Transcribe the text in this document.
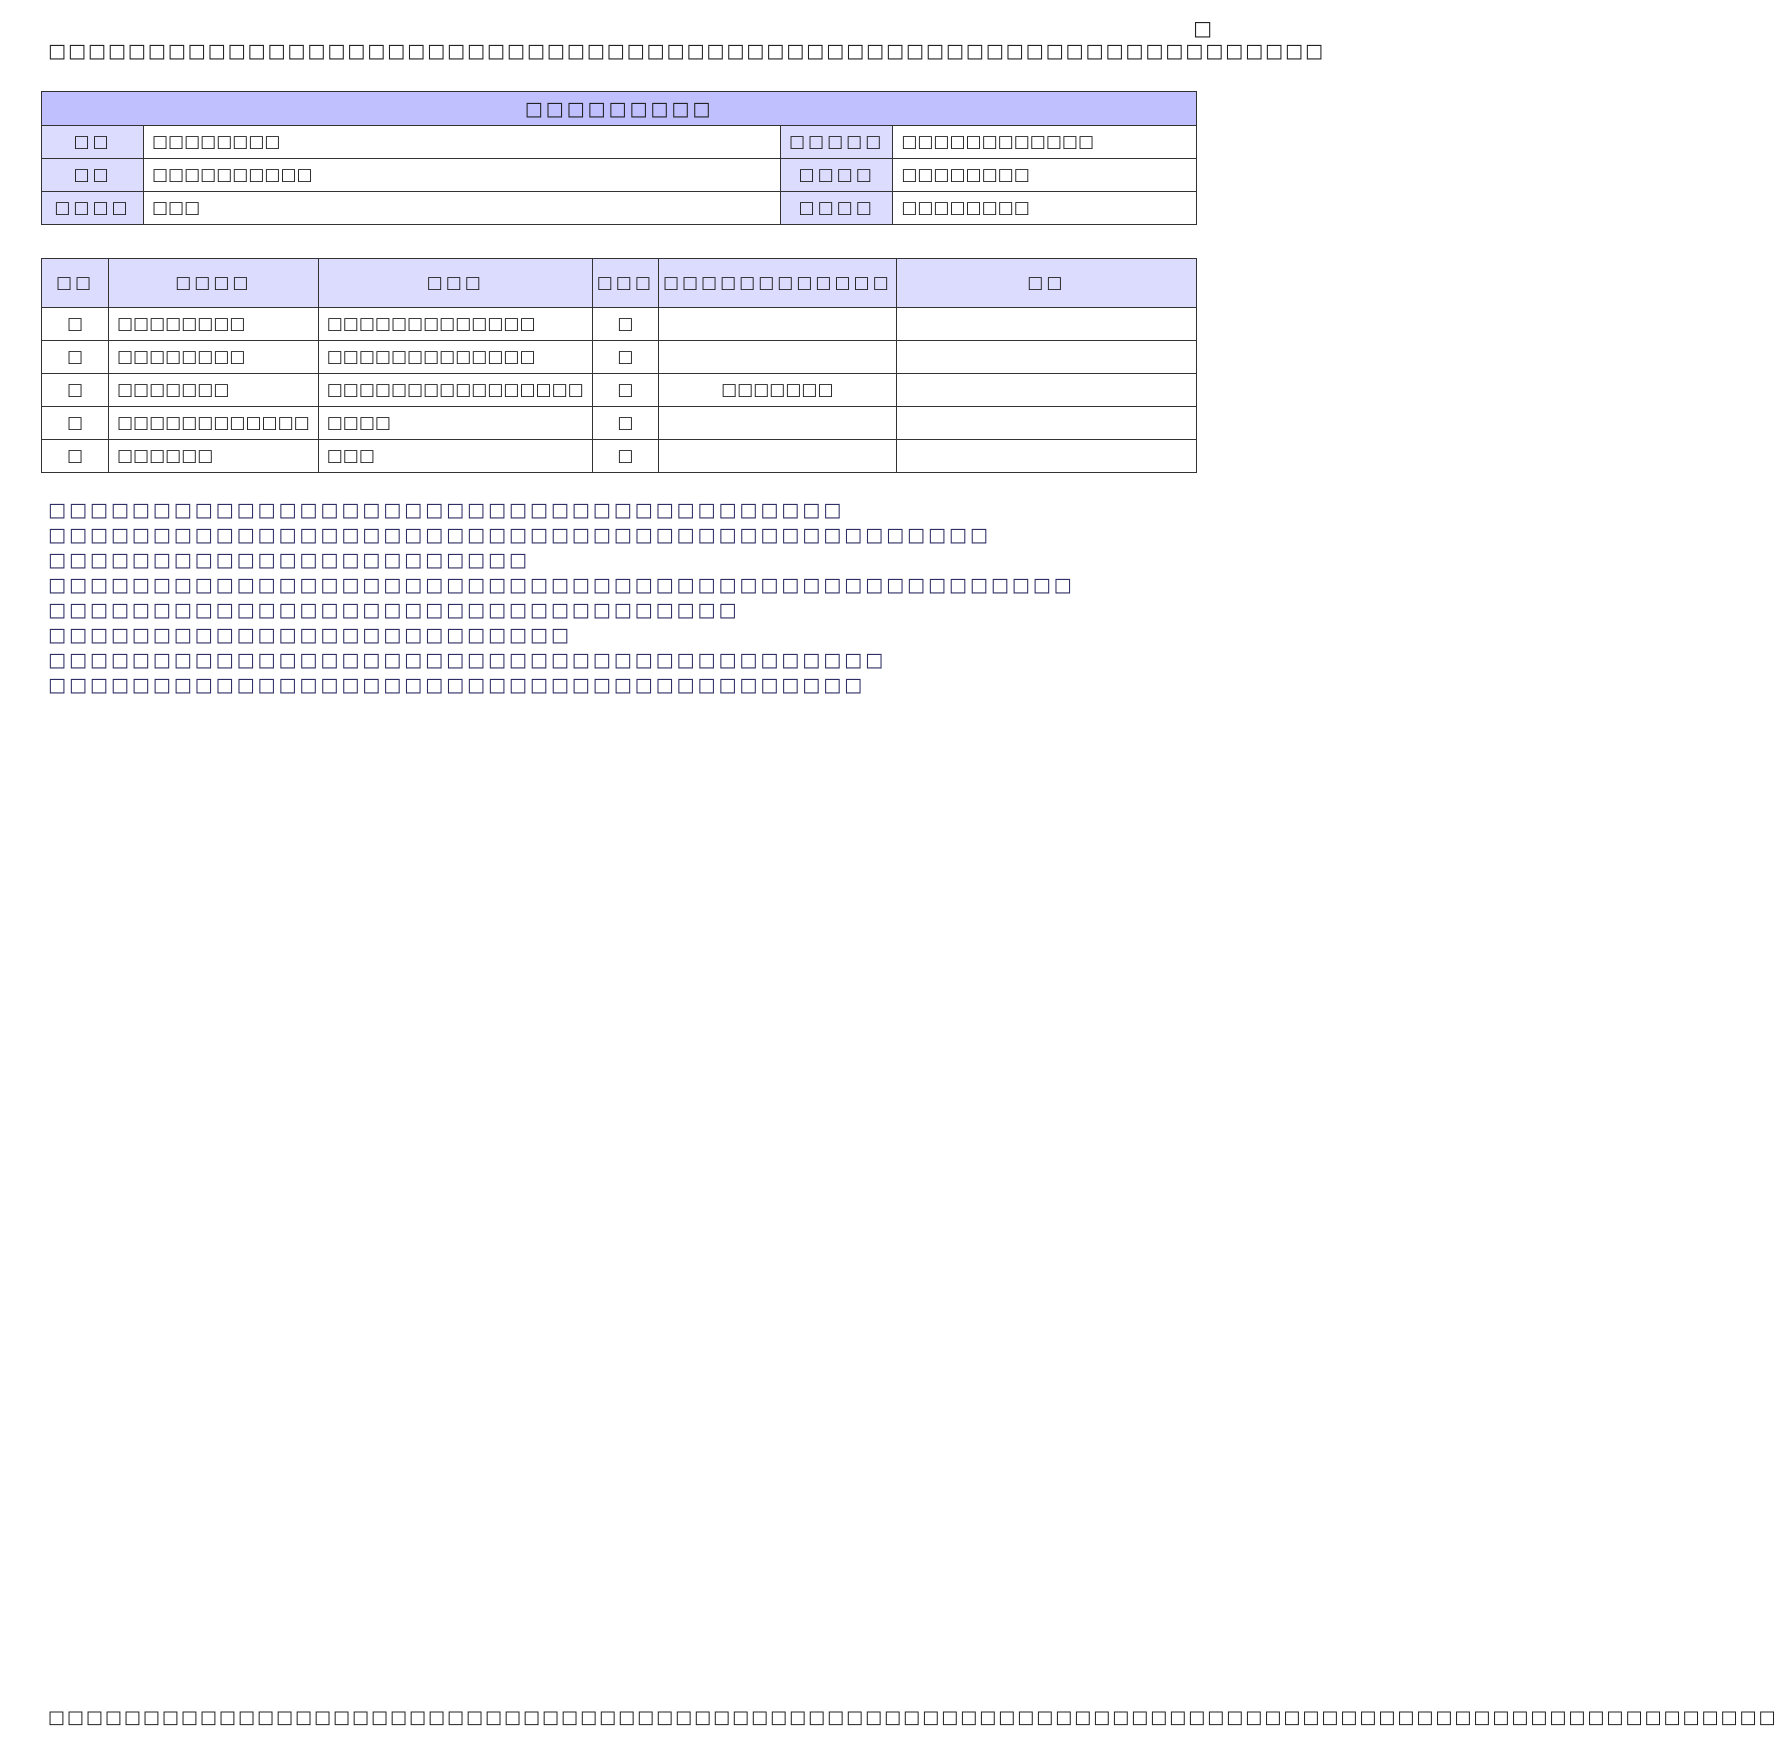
□
□□□□□□□□□□□□□□□□□□□□□□□□□□□□□□□□□□□□□□□□□□□□□□□□□□□□□□□□□□□□□□□□
□□□□□□□□□			
□□	□□□□□□□□	□□□□□	□□□□□□□□□□□□
□□	□□□□□□□□□□	□□□□	□□□□□□□□
□□□□	□□□	□□□□	□□□□□□□□
□□	□□□□	□□□	□□□	□□□□□□□□□□□□	□□
□	□□□□□□□□	□□□□□□□□□□□□□	□		
□	□□□□□□□□	□□□□□□□□□□□□□	□		
□	□□□□□□□	□□□□□□□□□□□□□□□□	□	□□□□□□□	
□	□□□□□□□□□□□□	□□□□	□		
□	□□□□□□	□□□	□		
□□□□□□□□□□□□□□□□□□□□□□□□□□□□□□□□□□□□□□
□□□□□□□□□□□□□□□□□□□□□□□□□□□□□□□□□□□□□□□□□□□□□
□□□□□□□□□□□□□□□□□□□□□□□
□□□□□□□□□□□□□□□□□□□□□□□□□□□□□□□□□□□□□□□□□□□□□□□□□
□□□□□□□□□□□□□□□□□□□□□□□□□□□□□□□□□
□□□□□□□□□□□□□□□□□□□□□□□□□
□□□□□□□□□□□□□□□□□□□□□□□□□□□□□□□□□□□□□□□□
□□□□□□□□□□□□□□□□□□□□□□□□□□□□□□□□□□□□□□□
□□□□□□□□□□□□□□□□□□□□□□□□□□□□□□□□□□□□□□□□□□□□□□□□□□□□□□□□□□□□□□□□□□□□□□□□□□□□□□□□□□□□□□□□□□□
